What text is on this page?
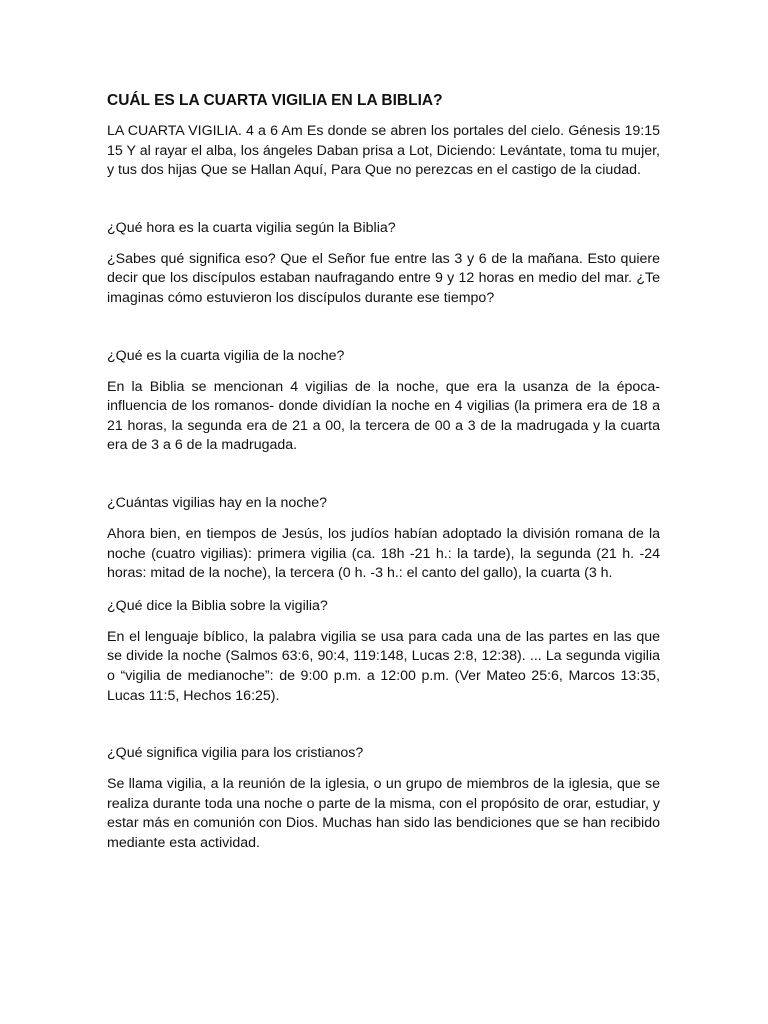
CUÁL ES LA CUARTA VIGILIA EN LA BIBLIA?

LA CUARTA VIGILIA. 4 a 6 Am Es donde se abren los portales del cielo. Génesis 19:15 15 Y al rayar el alba, los ángeles Daban prisa a Lot, Diciendo: Levántate, toma tu mujer, y tus dos hijas Que se Hallan Aquí, Para Que no perezcas en el castigo de la ciudad.

¿Qué hora es la cuarta vigilia según la Biblia?

¿Sabes qué significa eso? Que el Señor fue entre las 3 y 6 de la mañana. Esto quiere decir que los discípulos estaban naufragando entre 9 y 12 horas en medio del mar. ¿Te imaginas cómo estuvieron los discípulos durante ese tiempo?

¿Qué es la cuarta vigilia de la noche?

En la Biblia se mencionan 4 vigilias de la noche, que era la usanza de la época-influencia de los romanos- donde dividían la noche en 4 vigilias (la primera era de 18 a 21 horas, la segunda era de 21 a 00, la tercera de 00 a 3 de la madrugada y la cuarta era de 3 a 6 de la madrugada.

¿Cuántas vigilias hay en la noche?

Ahora bien, en tiempos de Jesús, los judíos habían adoptado la división romana de la noche (cuatro vigilias): primera vigilia (ca. 18h -21 h.: la tarde), la segunda (21 h. -24 horas: mitad de la noche), la tercera (0 h. -3 h.: el canto del gallo), la cuarta (3 h.

¿Qué dice la Biblia sobre la vigilia?

En el lenguaje bíblico, la palabra vigilia se usa para cada una de las partes en las que se divide la noche (Salmos 63:6, 90:4, 119:148, Lucas 2:8, 12:38). ... La segunda vigilia o “vigilia de medianoche”: de 9:00 p.m. a 12:00 p.m. (Ver Mateo 25:6, Marcos 13:35, Lucas 11:5, Hechos 16:25).

¿Qué significa vigilia para los cristianos?

Se llama vigilia, a la reunión de la iglesia, o un grupo de miembros de la iglesia, que se realiza durante toda una noche o parte de la misma, con el propósito de orar, estudiar, y estar más en comunión con Dios. Muchas han sido las bendiciones que se han recibido mediante esta actividad.
